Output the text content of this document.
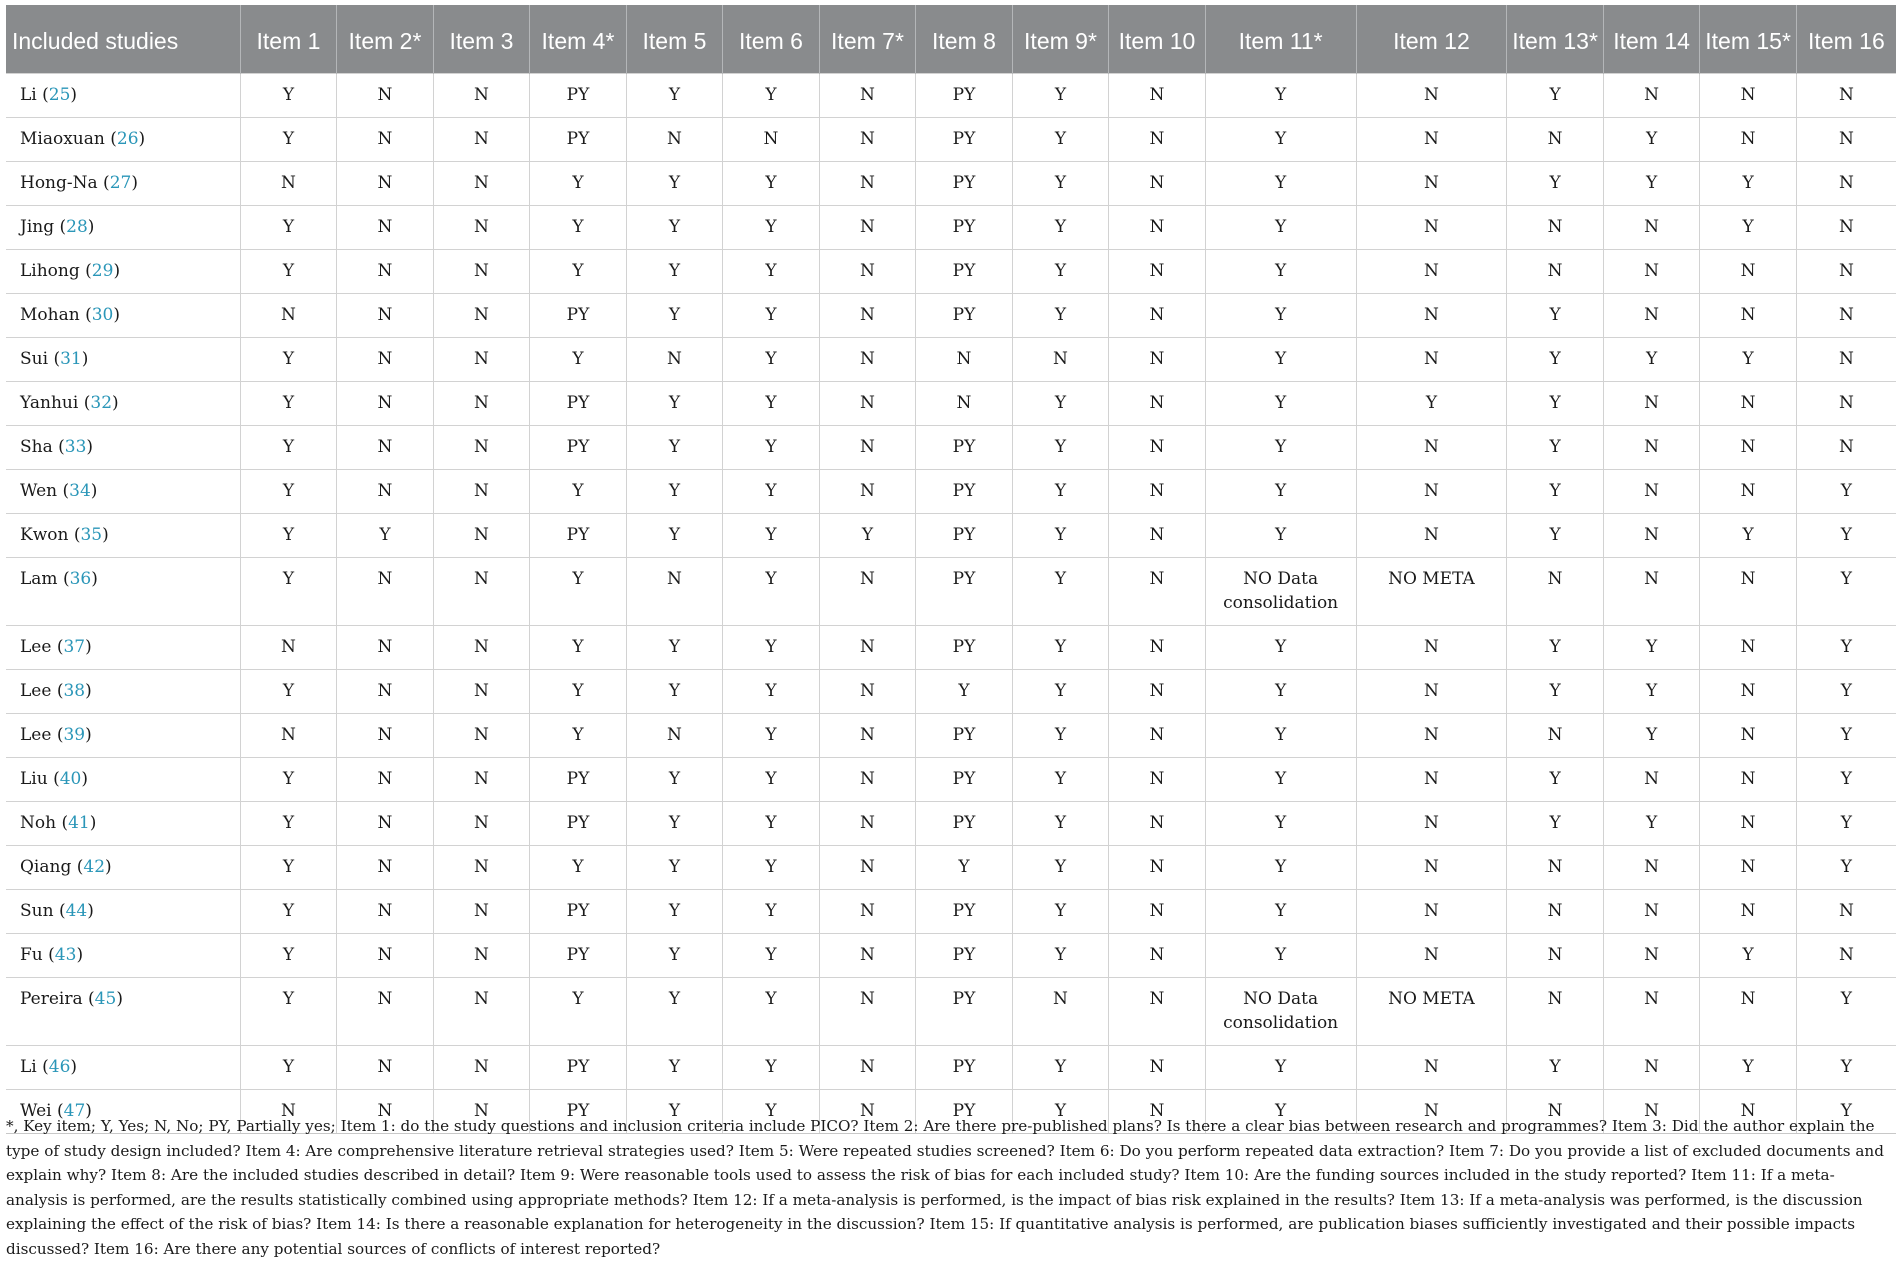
Included studies	Item 1	Item 2*	Item 3	Item 4*	Item 5	Item 6	Item 7*	Item 8	Item 9*	Item 10	Item 11*	Item 12	Item 13*	Item 14	Item 15*	Item 16
Li (25)	Y	N	N	PY	Y	Y	N	PY	Y	N	Y	N	Y	N	N	N
Miaoxuan (26)	Y	N	N	PY	N	N	N	PY	Y	N	Y	N	N	Y	N	N
Hong-Na (27)	N	N	N	Y	Y	Y	N	PY	Y	N	Y	N	Y	Y	Y	N
Jing (28)	Y	N	N	Y	Y	Y	N	PY	Y	N	Y	N	N	N	Y	N
Lihong (29)	Y	N	N	Y	Y	Y	N	PY	Y	N	Y	N	N	N	N	N
Mohan (30)	N	N	N	PY	Y	Y	N	PY	Y	N	Y	N	Y	N	N	N
Sui (31)	Y	N	N	Y	N	Y	N	N	N	N	Y	N	Y	Y	Y	N
Yanhui (32)	Y	N	N	PY	Y	Y	N	N	Y	N	Y	Y	Y	N	N	N
Sha (33)	Y	N	N	PY	Y	Y	N	PY	Y	N	Y	N	Y	N	N	N
Wen (34)	Y	N	N	Y	Y	Y	N	PY	Y	N	Y	N	Y	N	N	Y
Kwon (35)	Y	Y	N	PY	Y	Y	Y	PY	Y	N	Y	N	Y	N	Y	Y
Lam (36)	Y	N	N	Y	N	Y	N	PY	Y	N	NO Data consolidation	NO META	N	N	N	Y
Lee (37)	N	N	N	Y	Y	Y	N	PY	Y	N	Y	N	Y	Y	N	Y
Lee (38)	Y	N	N	Y	Y	Y	N	Y	Y	N	Y	N	Y	Y	N	Y
Lee (39)	N	N	N	Y	N	Y	N	PY	Y	N	Y	N	N	Y	N	Y
Liu (40)	Y	N	N	PY	Y	Y	N	PY	Y	N	Y	N	Y	N	N	Y
Noh (41)	Y	N	N	PY	Y	Y	N	PY	Y	N	Y	N	Y	Y	N	Y
Qiang (42)	Y	N	N	Y	Y	Y	N	Y	Y	N	Y	N	N	N	N	Y
Sun (44)	Y	N	N	PY	Y	Y	N	PY	Y	N	Y	N	N	N	N	N
Fu (43)	Y	N	N	PY	Y	Y	N	PY	Y	N	Y	N	N	N	Y	N
Pereira (45)	Y	N	N	Y	Y	Y	N	PY	N	N	NO Data consolidation	NO META	N	N	N	Y
Li (46)	Y	N	N	PY	Y	Y	N	PY	Y	N	Y	N	Y	N	Y	Y
Wei (47)	N	N	N	PY	Y	Y	N	PY	Y	N	Y	N	N	N	N	Y
*, Key item; Y, Yes; N, No; PY, Partially yes; Item 1: do the study questions and inclusion criteria include PICO? Item 2: Are there pre-published plans? Is there a clear bias between research and programmes? Item 3: Did the author explain the type of study design included? Item 4: Are comprehensive literature retrieval strategies used? Item 5: Were repeated studies screened? Item 6: Do you perform repeated data extraction? Item 7: Do you provide a list of excluded documents and explain why? Item 8: Are the included studies described in detail? Item 9: Were reasonable tools used to assess the risk of bias for each included study? Item 10: Are the funding sources included in the study reported? Item 11: If a meta-analysis is performed, are the results statistically combined using appropriate methods? Item 12: If a meta-analysis is performed, is the impact of bias risk explained in the results? Item 13: If a meta-analysis was performed, is the discussion explaining the effect of the risk of bias? Item 14: Is there a reasonable explanation for heterogeneity in the discussion? Item 15: If quantitative analysis is performed, are publication biases sufficiently investigated and their possible impacts discussed? Item 16: Are there any potential sources of conflicts of interest reported?
